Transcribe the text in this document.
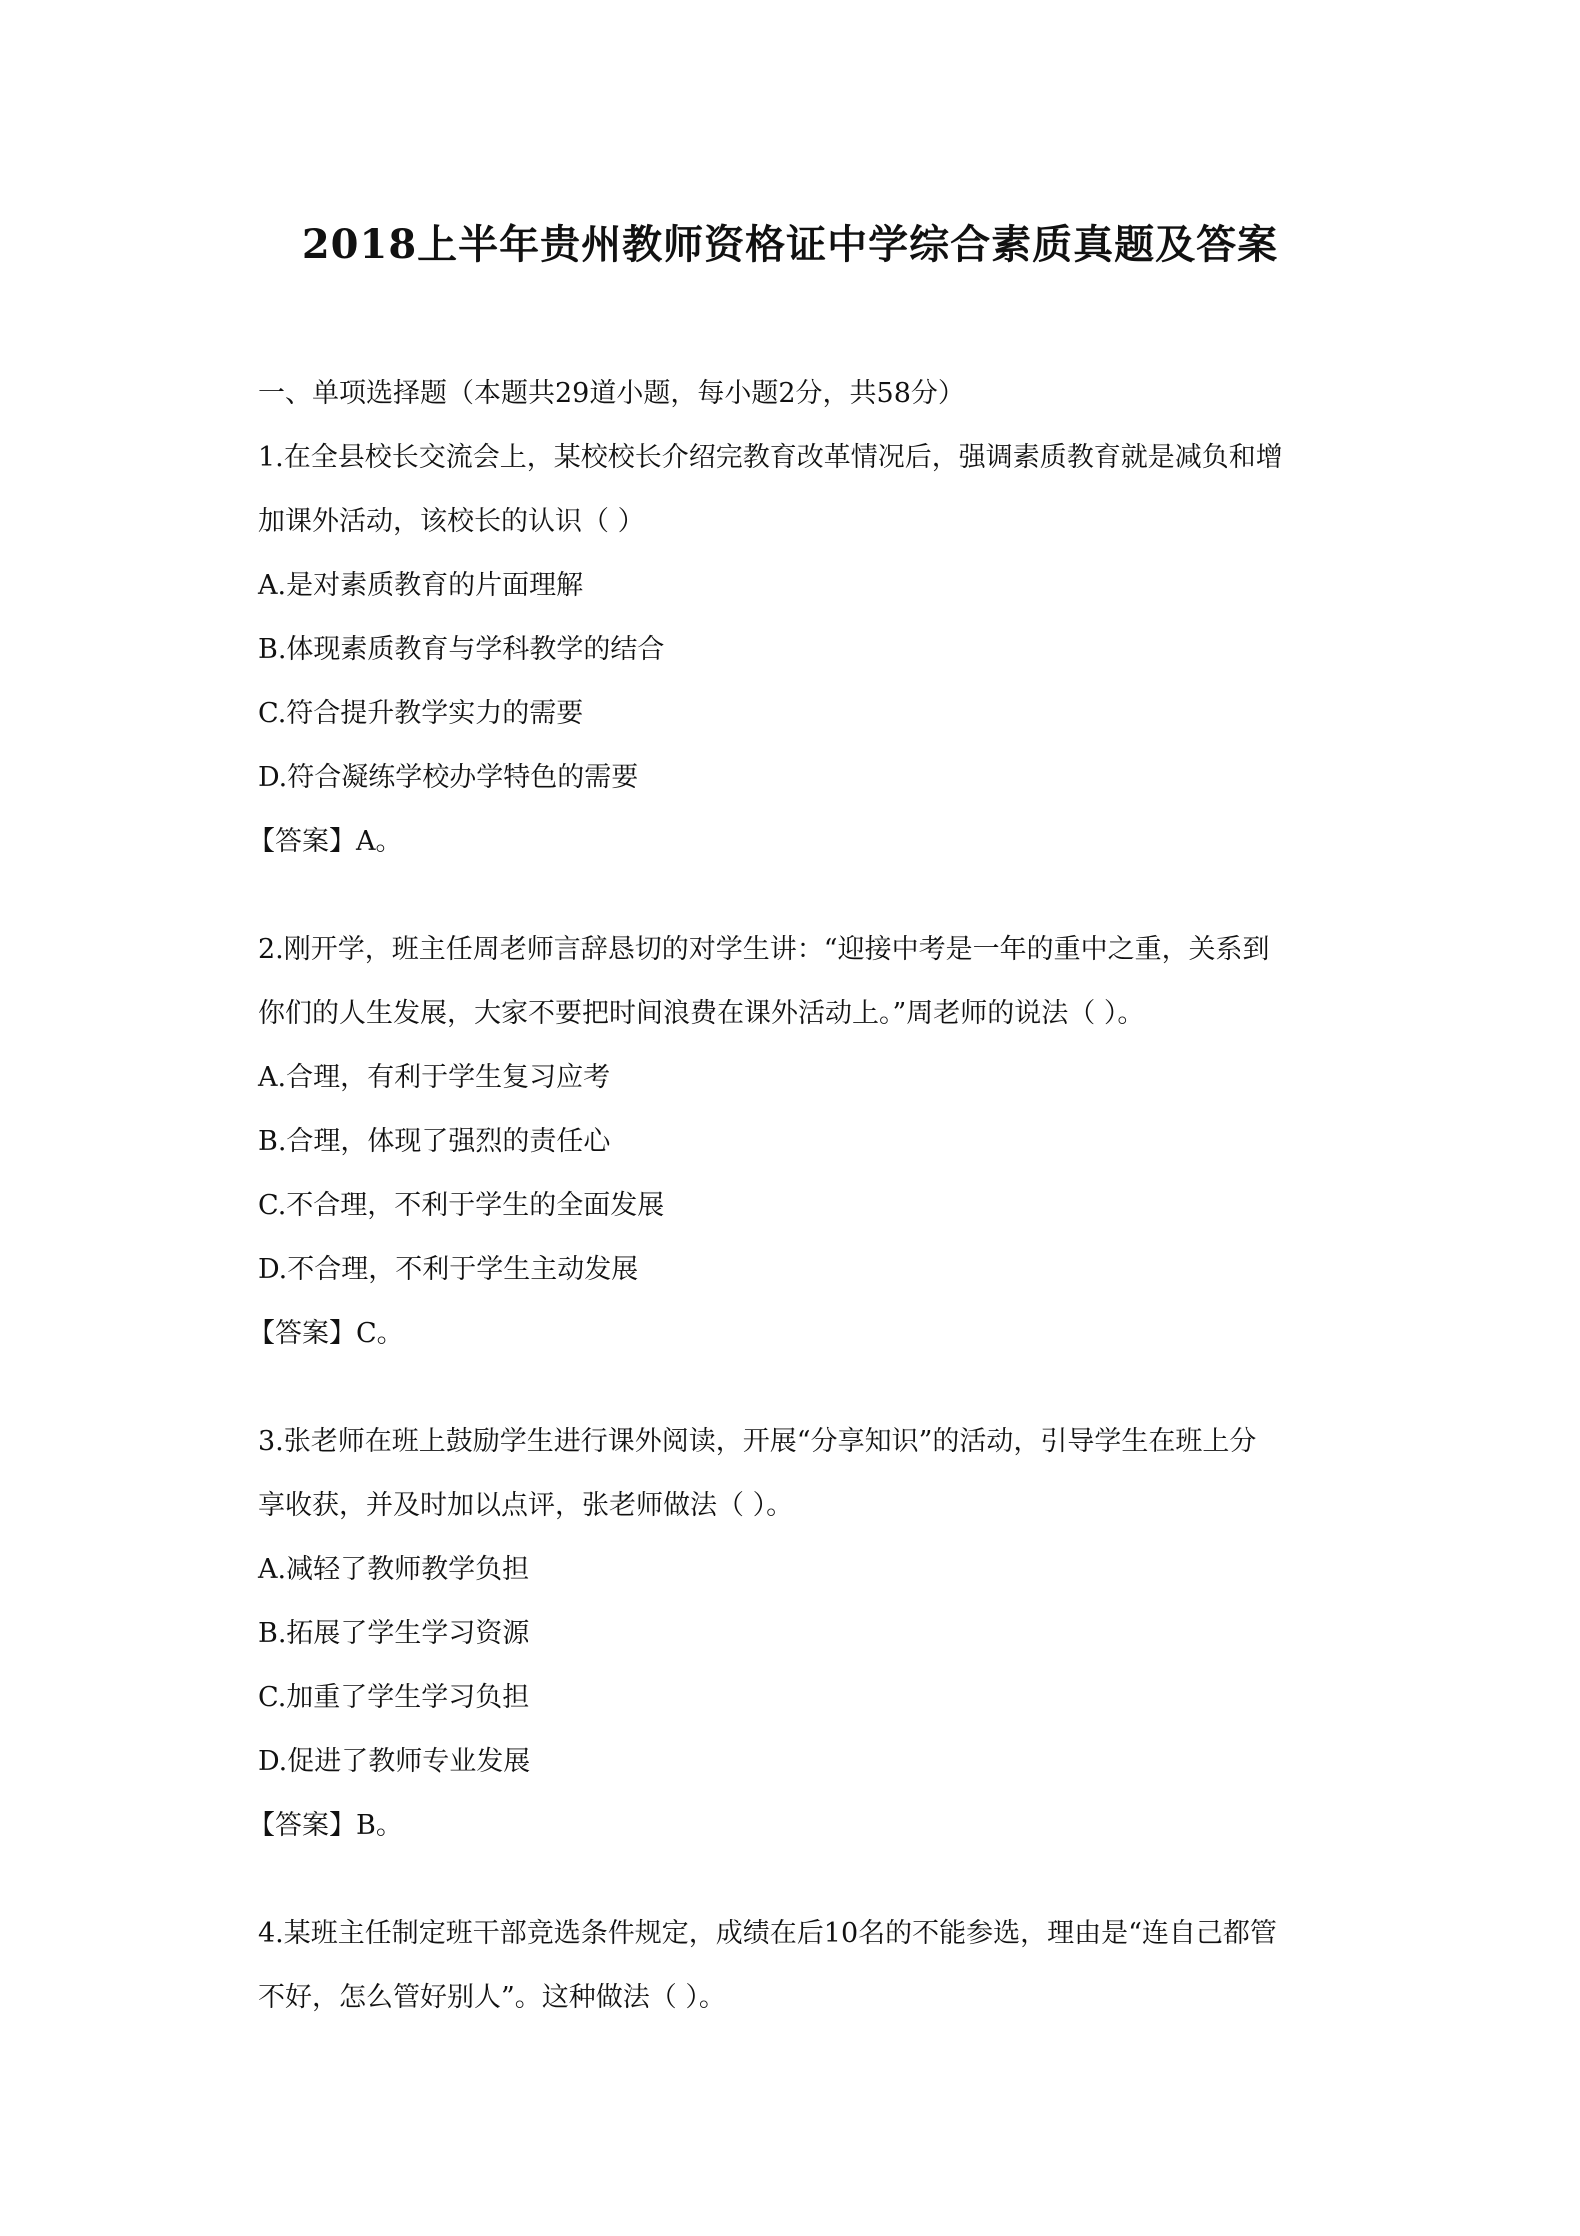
2018上半年贵州教师资格证中学综合素质真题及答案
一、单项选择题（本题共29道小题，每小题2分，共58分）
1.在全县校长交流会上，某校校长介绍完教育改革情况后，强调素质教育就是减负和增
加课外活动，该校长的认识（ ）
A.是对素质教育的片面理解
B.体现素质教育与学科教学的结合
C.符合提升教学实力的需要
D.符合凝练学校办学特色的需要
【答案】A。
2.刚开学，班主任周老师言辞恳切的对学生讲：“迎接中考是一年的重中之重，关系到
你们的人生发展，大家不要把时间浪费在课外活动上。”周老师的说法（ ）。
A.合理，有利于学生复习应考
B.合理，体现了强烈的责任心
C.不合理，不利于学生的全面发展
D.不合理，不利于学生主动发展
【答案】C。
3.张老师在班上鼓励学生进行课外阅读，开展“分享知识”的活动，引导学生在班上分
享收获，并及时加以点评，张老师做法（ ）。
A.减轻了教师教学负担
B.拓展了学生学习资源
C.加重了学生学习负担
D.促进了教师专业发展
【答案】B。
4.某班主任制定班干部竞选条件规定，成绩在后10名的不能参选，理由是“连自己都管
不好，怎么管好别人”。这种做法（ ）。
